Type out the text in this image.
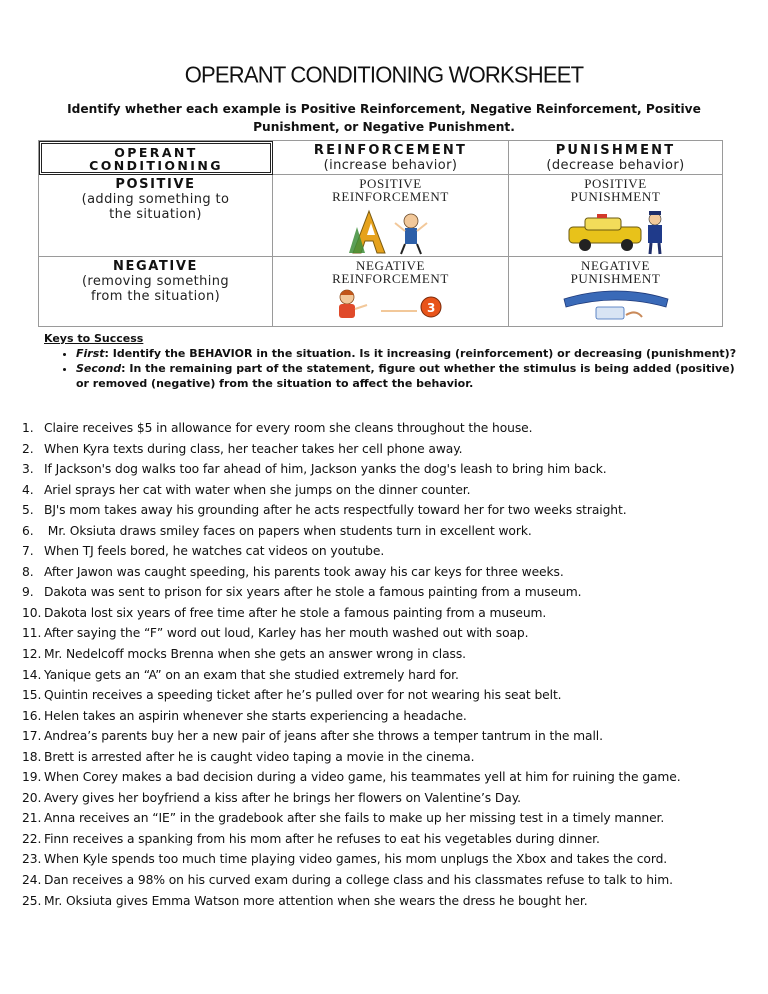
OPERANT CONDITIONING WORKSHEET
Identify whether each example is Positive Reinforcement, Negative Reinforcement, Positive Punishment, or Negative Punishment.
OPERANT
CONDITIONING
REINFORCEMENT
(increase behavior)
PUNISHMENT
(decrease behavior)
POSITIVE
(adding something to
the situation)
POSITIVE
REINFORCEMENT
POSITIVE
PUNISHMENT
NEGATIVE
(removing something
from the situation)
NEGATIVE
REINFORCEMENT
3
NEGATIVE
PUNISHMENT
Keys to Success
• First: Identify the BEHAVIOR in the situation. Is it increasing (reinforcement) or decreasing (punishment)?
• Second: In the remaining part of the statement, figure out whether the stimulus is being added (positive) or removed (negative) from the situation to affect the behavior.
1. Claire receives $5 in allowance for every room she cleans throughout the house.
2. When Kyra texts during class, her teacher takes her cell phone away.
3. If Jackson's dog walks too far ahead of him, Jackson yanks the dog's leash to bring him back.
4. Ariel sprays her cat with water when she jumps on the dinner counter.
5. BJ's mom takes away his grounding after he acts respectfully toward her for two weeks straight.
6. Mr. Oksiuta draws smiley faces on papers when students turn in excellent work.
7. When TJ feels bored, he watches cat videos on youtube.
8. After Jawon was caught speeding, his parents took away his car keys for three weeks.
9. Dakota was sent to prison for six years after he stole a famous painting from a museum.
10. Dakota lost six years of free time after he stole a famous painting from a museum.
11. After saying the “F” word out loud, Karley has her mouth washed out with soap.
12. Mr. Nedelcoff mocks Brenna when she gets an answer wrong in class.
14. Yanique gets an “A” on an exam that she studied extremely hard for.
15. Quintin receives a speeding ticket after he’s pulled over for not wearing his seat belt.
16. Helen takes an aspirin whenever she starts experiencing a headache.
17. Andrea’s parents buy her a new pair of jeans after she throws a temper tantrum in the mall.
18. Brett is arrested after he is caught video taping a movie in the cinema.
19. When Corey makes a bad decision during a video game, his teammates yell at him for ruining the game.
20. Avery gives her boyfriend a kiss after he brings her flowers on Valentine’s Day.
21. Anna receives an “IE” in the gradebook after she fails to make up her missing test in a timely manner.
22. Finn receives a spanking from his mom after he refuses to eat his vegetables during dinner.
23. When Kyle spends too much time playing video games, his mom unplugs the Xbox and takes the cord.
24. Dan receives a 98% on his curved exam during a college class and his classmates refuse to talk to him.
25. Mr. Oksiuta gives Emma Watson more attention when she wears the dress he bought her.
